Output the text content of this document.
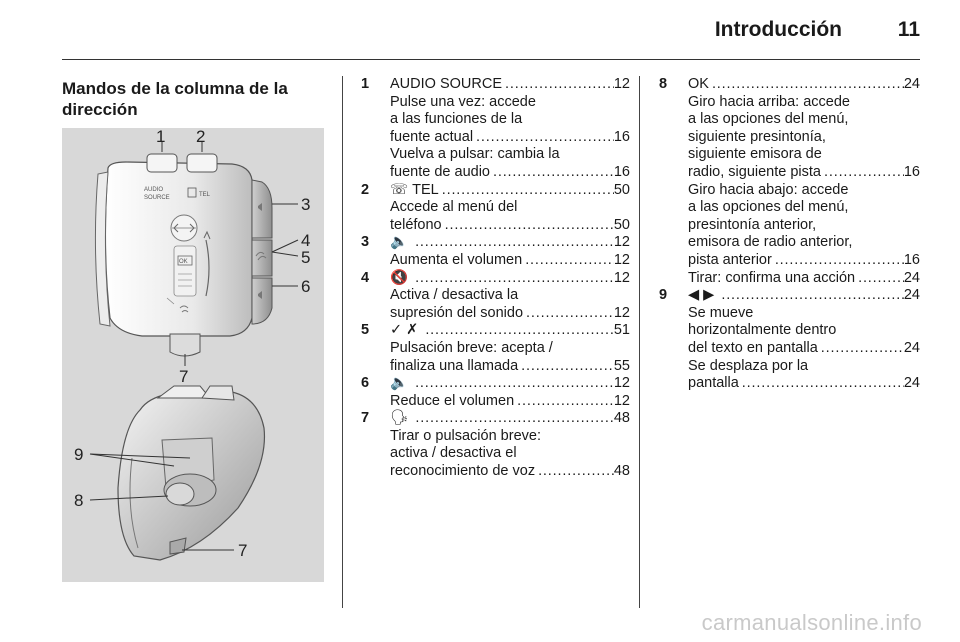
Introducción	11
Mandos de la columna de la dirección
AUDIO
SOURCE	TEL
OK
1 2
3
4
5
6
7
9
8
7
1 AUDIO SOURCE . . .	12
Pulse una vez: accede
a las funciones de la
fuente actual . . .	16
Vuelva a pulsar: cambia la
fuente de audio . . .	16
2 ☏ TEL . . .	50
Accede al menú del
teléfono . . .	50
3 🔈 . . .	12
Aumenta el volumen . . .	12
4 🔇 . . .	12
Activa / desactiva la
supresión del sonido . . .	12
5 ✓ ✗ . . .	51
Pulsación breve: acepta /
finaliza una llamada . . .	55
6 🔈 . . .	12
Reduce el volumen . . .	12
7 🗣 . . .	48
Tirar o pulsación breve:
activa / desactiva el
reconocimiento de voz . . .	48
8 OK . . .	24
Giro hacia arriba: accede
a las opciones del menú,
siguiente presintonía,
siguiente emisora de
radio, siguiente pista . . .	16
Giro hacia abajo: accede
a las opciones del menú,
presintonía anterior,
emisora de radio anterior,
pista anterior . . .	16
Tirar: confirma una acción . . .	24
9 ◀ ▶ . . .	24
Se mueve
horizontalmente dentro
del texto en pantalla . . .	24
Se desplaza por la
pantalla . . .	24
carmanualsonline.info
